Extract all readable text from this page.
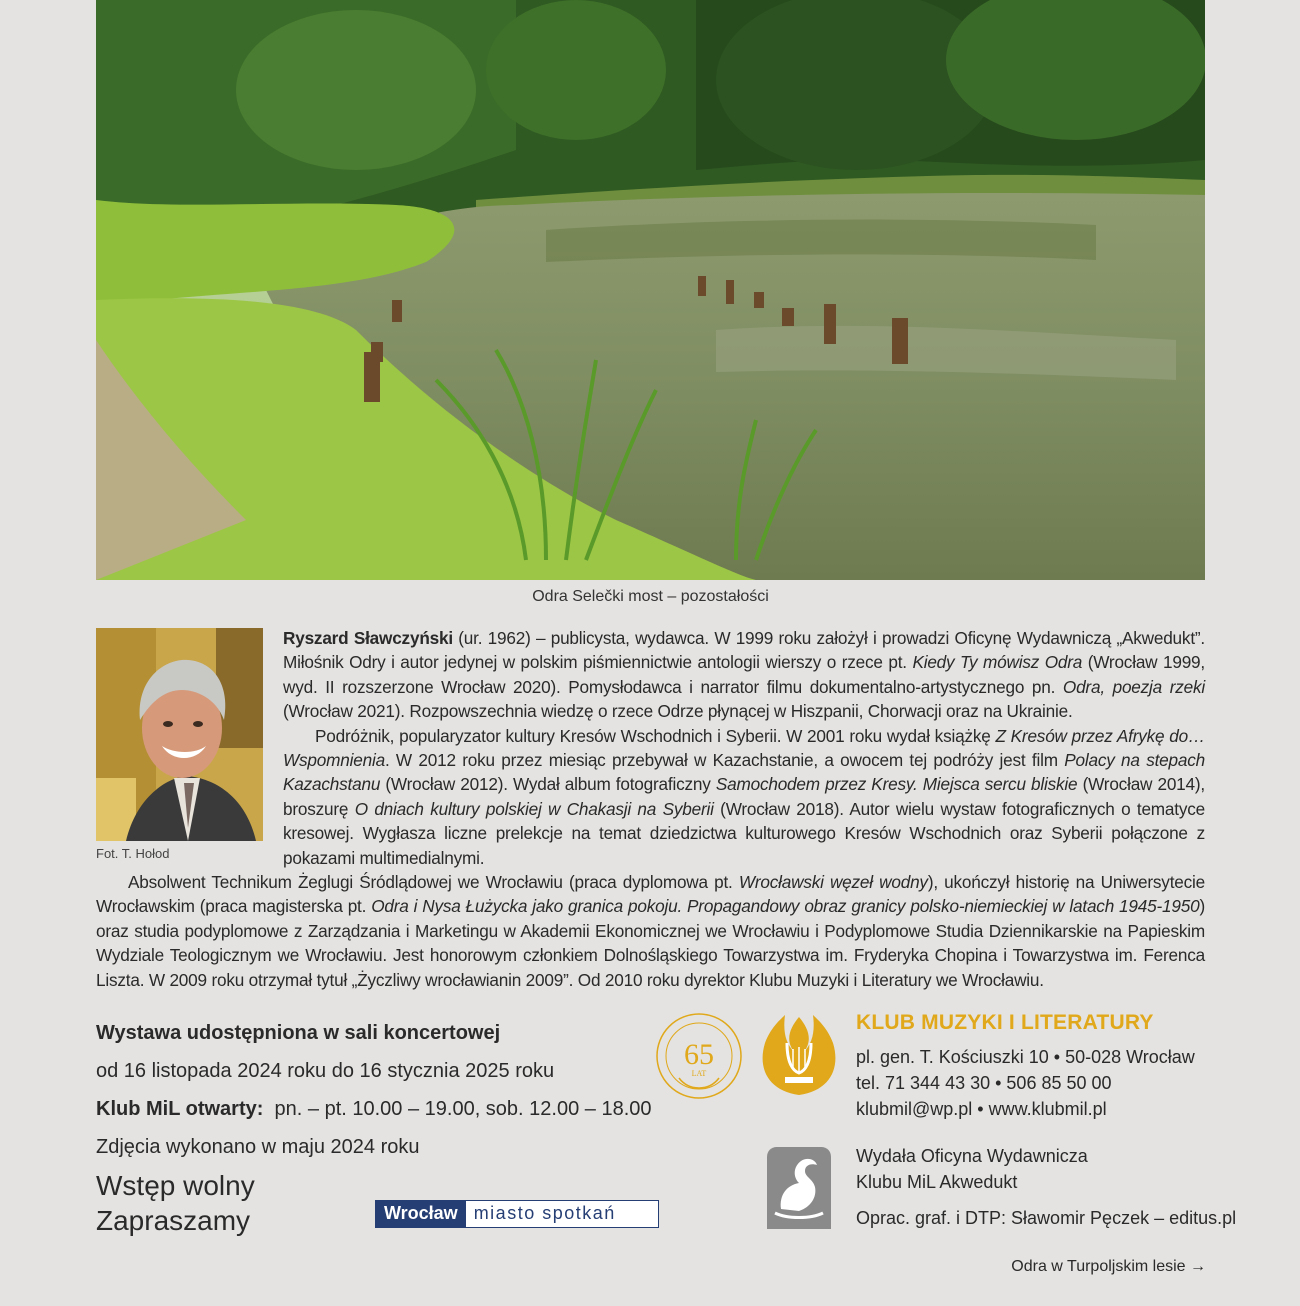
Odra Selečki most – pozostałości
Fot. T. Hołod

Ryszard Sławczyński (ur. 1962) – publicysta, wydawca. W 1999 roku założył i prowadzi Oficynę Wydawniczą „Akwedukt”. Miłośnik Odry i autor jedynej w polskim piśmiennictwie antologii wierszy o rzece pt. Kiedy Ty mówisz Odra (Wrocław 1999, wyd. II rozszerzone Wrocław 2020). Pomysłodawca i narrator filmu dokumentalno-artystycznego pn. Odra, poezja rzeki (Wrocław 2021). Rozpowszechnia wiedzę o rzece Odrze płynącej w Hiszpanii, Chorwacji oraz na Ukrainie.

Podróżnik, popularyzator kultury Kresów Wschodnich i Syberii. W 2001 roku wydał książkę Z Kresów przez Afrykę do… Wspomnienia. W 2012 roku przez miesiąc przebywał w Kazachstanie, a owocem tej podróży jest film Polacy na stepach Kazachstanu (Wrocław 2012). Wydał album fotograficzny Samochodem przez Kresy. Miejsca sercu bliskie (Wrocław 2014), broszurę O dniach kultury polskiej w Chakasji na Syberii (Wrocław 2018). Autor wielu wystaw fotograficznych o tematyce kresowej. Wygłasza liczne prelekcje na temat dziedzictwa kulturowego Kresów Wschodnich oraz Syberii połączone z pokazami multimedialnymi.

Absolwent Technikum Żeglugi Śródlądowej we Wrocławiu (praca dyplomowa pt. Wrocławski węzeł wodny), ukończył historię na Uniwersytecie Wrocławskim (praca magisterska pt. Odra i Nysa Łużycka jako granica pokoju. Propagandowy obraz granicy polsko-niemieckiej w latach 1945-1950) oraz studia podyplomowe z Zarządzania i Marketingu w Akademii Ekonomicznej we Wrocławiu i Podyplomowe Studia Dziennikarskie na Papieskim Wydziale Teologicznym we Wrocławiu. Jest honorowym członkiem Dolnośląskiego Towarzystwa im. Fryderyka Chopina i Towarzystwa im. Ferenca Liszta. W 2009 roku otrzymał tytuł „Życzliwy wrocławianin 2009”. Od 2010 roku dyrektor Klubu Muzyki i Literatury we Wrocławiu.

Wystawa udostępniona w sali koncertowej
od 16 listopada 2024 roku do 16 stycznia 2025 roku
Klub MiL otwarty: pn. – pt. 10.00 – 19.00, sob. 12.00 – 18.00
Zdjęcia wykonano w maju 2024 roku
Wstęp wolny
Zapraszamy	Wrocław miasto spotkań
65
LAT
KLUB MUZYKI I LITERATURY
pl. gen. T. Kościuszki 10 • 50-028 Wrocław
tel. 71 344 43 30 • 506 85 50 00
klubmil@wp.pl • www.klubmil.pl
Wydała Oficyna Wydawnicza
Klubu MiL Akwedukt
Oprac. graf. i DTP: Sławomir Pęczek – editus.pl
Odra w Turpoljskim lesie →
